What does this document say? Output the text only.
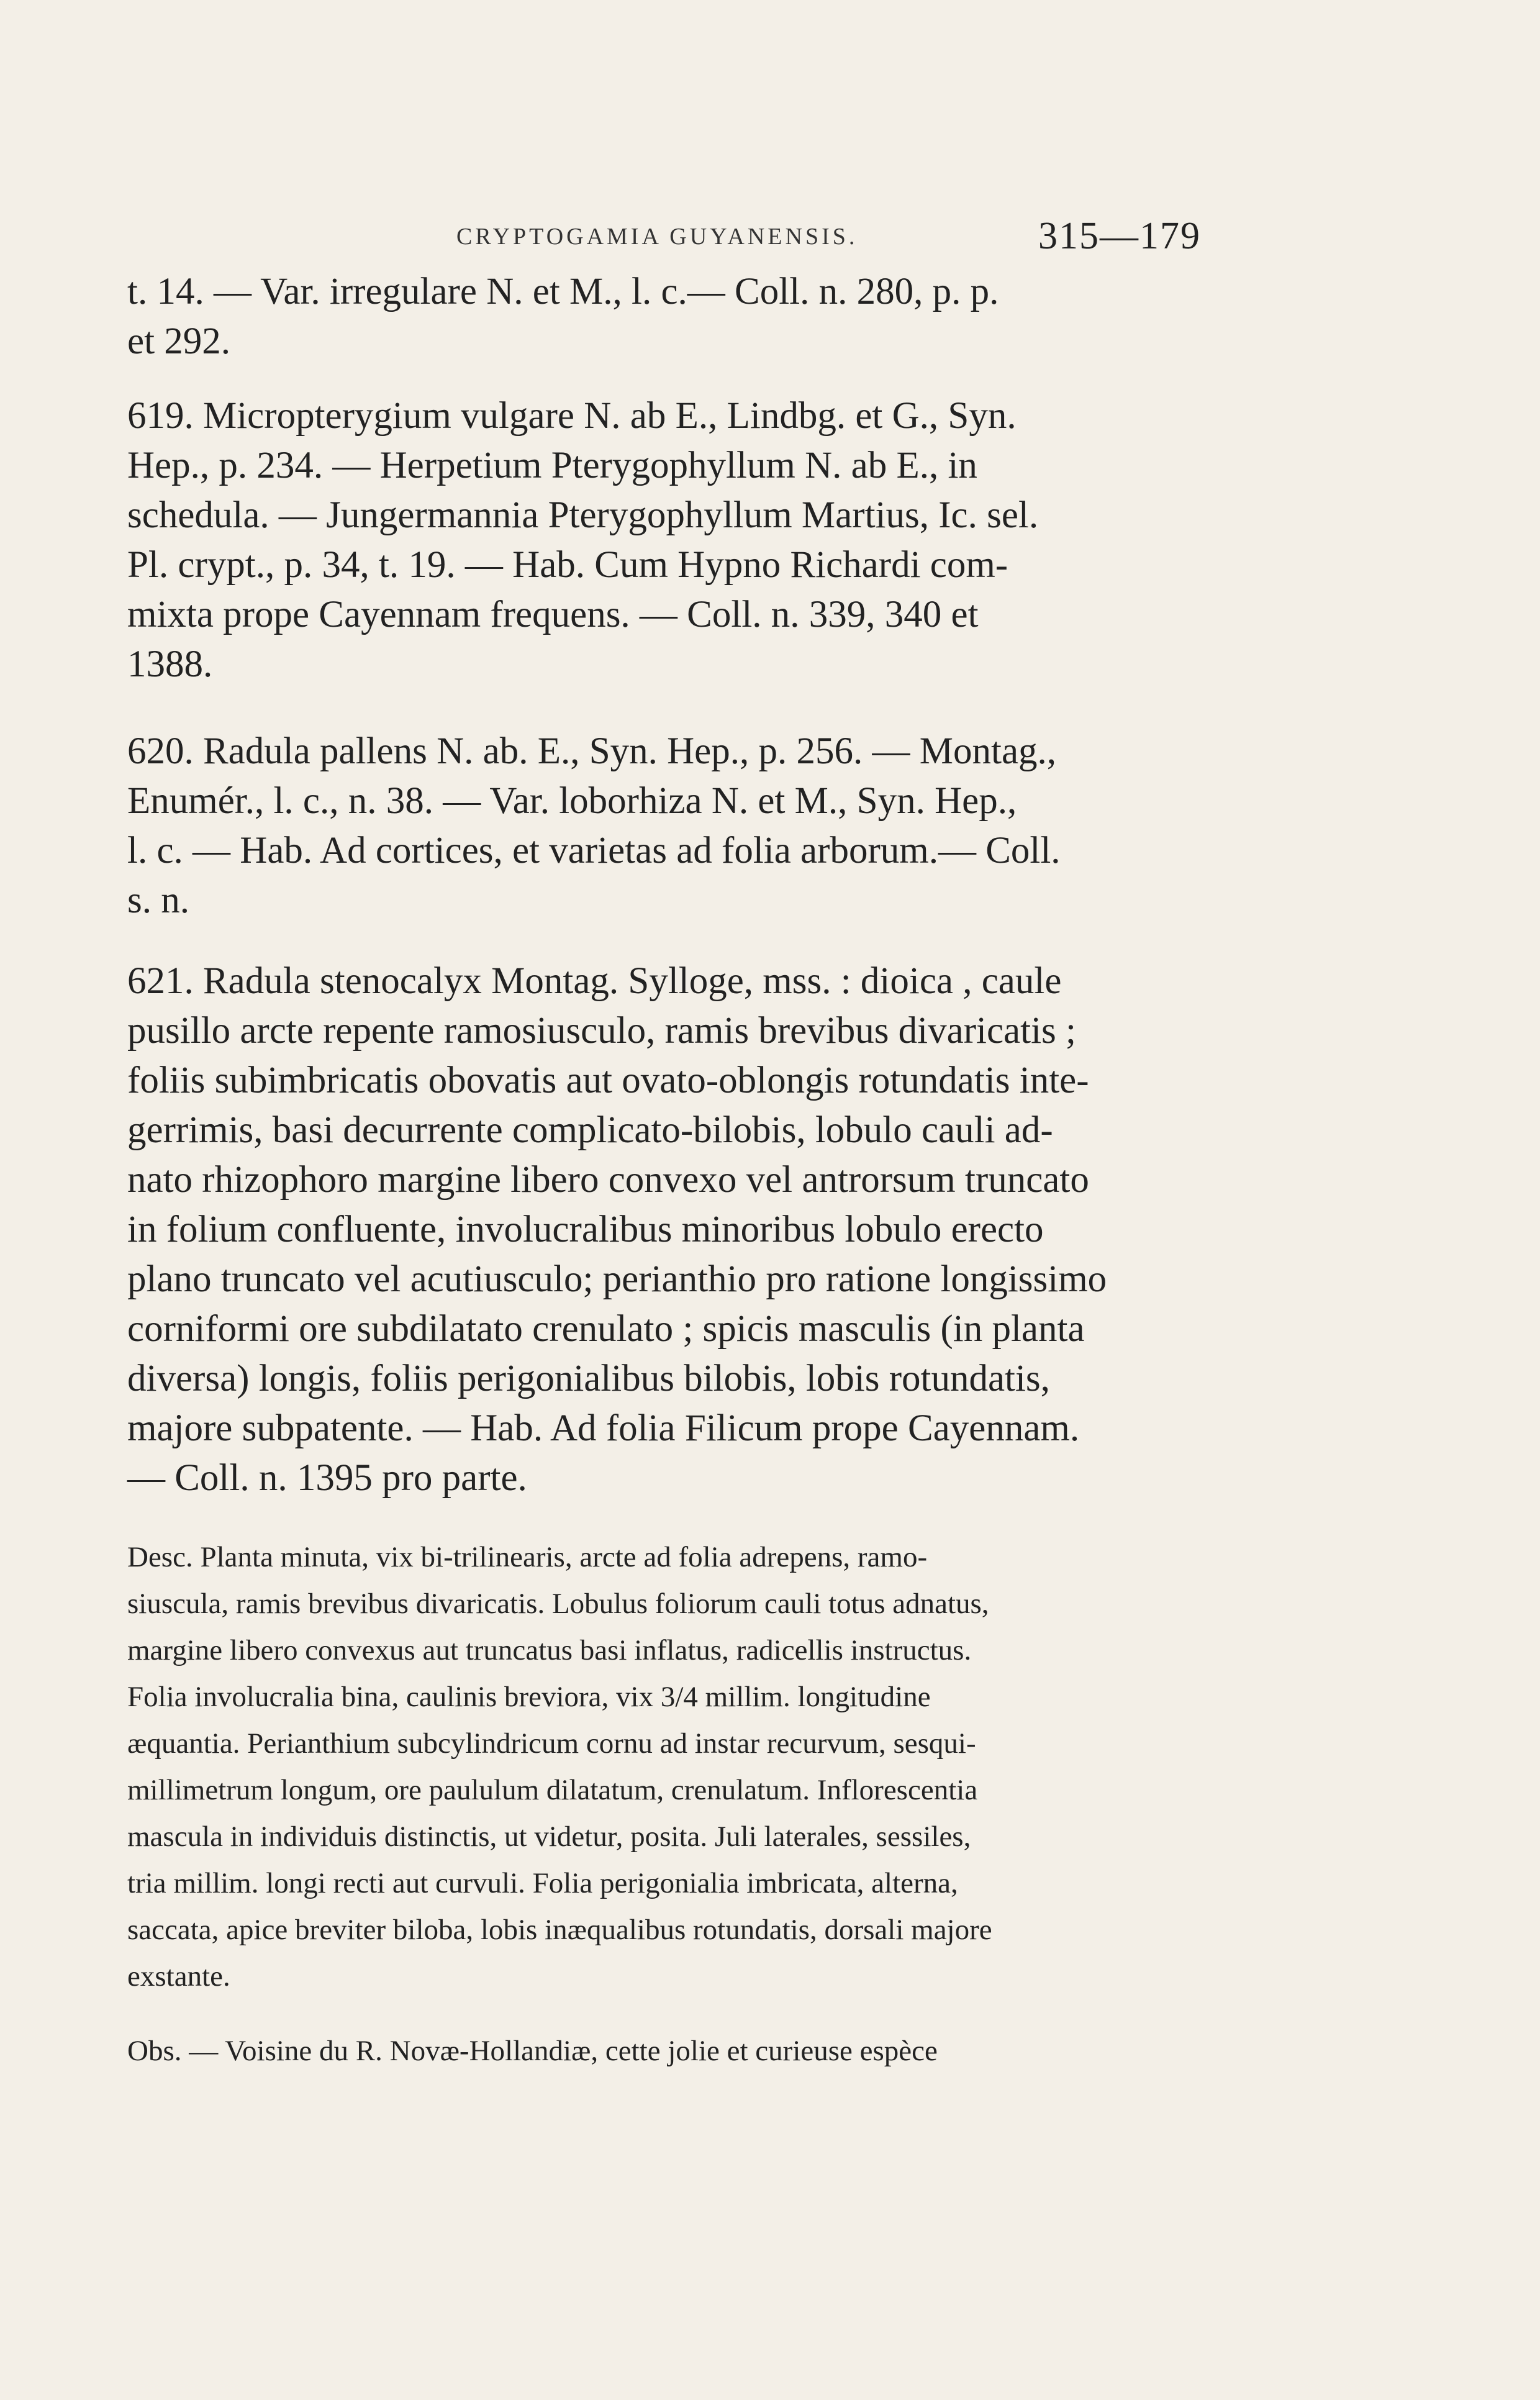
CRYPTOGAMIA GUYANENSIS.	315—179
t. 14. — Var. irregulare N. et M., l. c.— Coll. n. 280, p. p.
et 292.
619. Micropterygium vulgare N. ab E., Lindbg. et G., Syn.
Hep., p. 234. — Herpetium Pterygophyllum N. ab E., in
schedula. — Jungermannia Pterygophyllum Martius, Ic. sel.
Pl. crypt., p. 34, t. 19. — Hab. Cum Hypno Richardi com-
mixta prope Cayennam frequens. — Coll. n. 339, 340 et
1388.
620. Radula pallens N. ab. E., Syn. Hep., p. 256. — Montag.,
Enumér., l. c., n. 38. — Var. loborhiza N. et M., Syn. Hep.,
l. c. — Hab. Ad cortices, et varietas ad folia arborum.— Coll.
s. n.
621. Radula stenocalyx Montag. Sylloge, mss. : dioica , caule
pusillo arcte repente ramosiusculo, ramis brevibus divaricatis ;
foliis subimbricatis obovatis aut ovato-oblongis rotundatis inte-
gerrimis, basi decurrente complicato-bilobis, lobulo cauli ad-
nato rhizophoro margine libero convexo vel antrorsum truncato
in folium confluente, involucralibus minoribus lobulo erecto
plano truncato vel acutiusculo; perianthio pro ratione longissimo
corniformi ore subdilatato crenulato ; spicis masculis (in planta
diversa) longis, foliis perigonialibus bilobis, lobis rotundatis,
majore subpatente. — Hab. Ad folia Filicum prope Cayennam.
— Coll. n. 1395 pro parte.
Desc. Planta minuta, vix bi-trilinearis, arcte ad folia adrepens, ramo-
siuscula, ramis brevibus divaricatis. Lobulus foliorum cauli totus adnatus,
margine libero convexus aut truncatus basi inflatus, radicellis instructus.
Folia involucralia bina, caulinis breviora, vix 3/4 millim. longitudine
æquantia. Perianthium subcylindricum cornu ad instar recurvum, sesqui-
millimetrum longum, ore paululum dilatatum, crenulatum. Inflorescentia
mascula in individuis distinctis, ut videtur, posita. Juli laterales, sessiles,
tria millim. longi recti aut curvuli. Folia perigonialia imbricata, alterna,
saccata, apice breviter biloba, lobis inæqualibus rotundatis, dorsali majore
exstante.
Obs. — Voisine du R. Novæ-Hollandiæ, cette jolie et curieuse espèce
